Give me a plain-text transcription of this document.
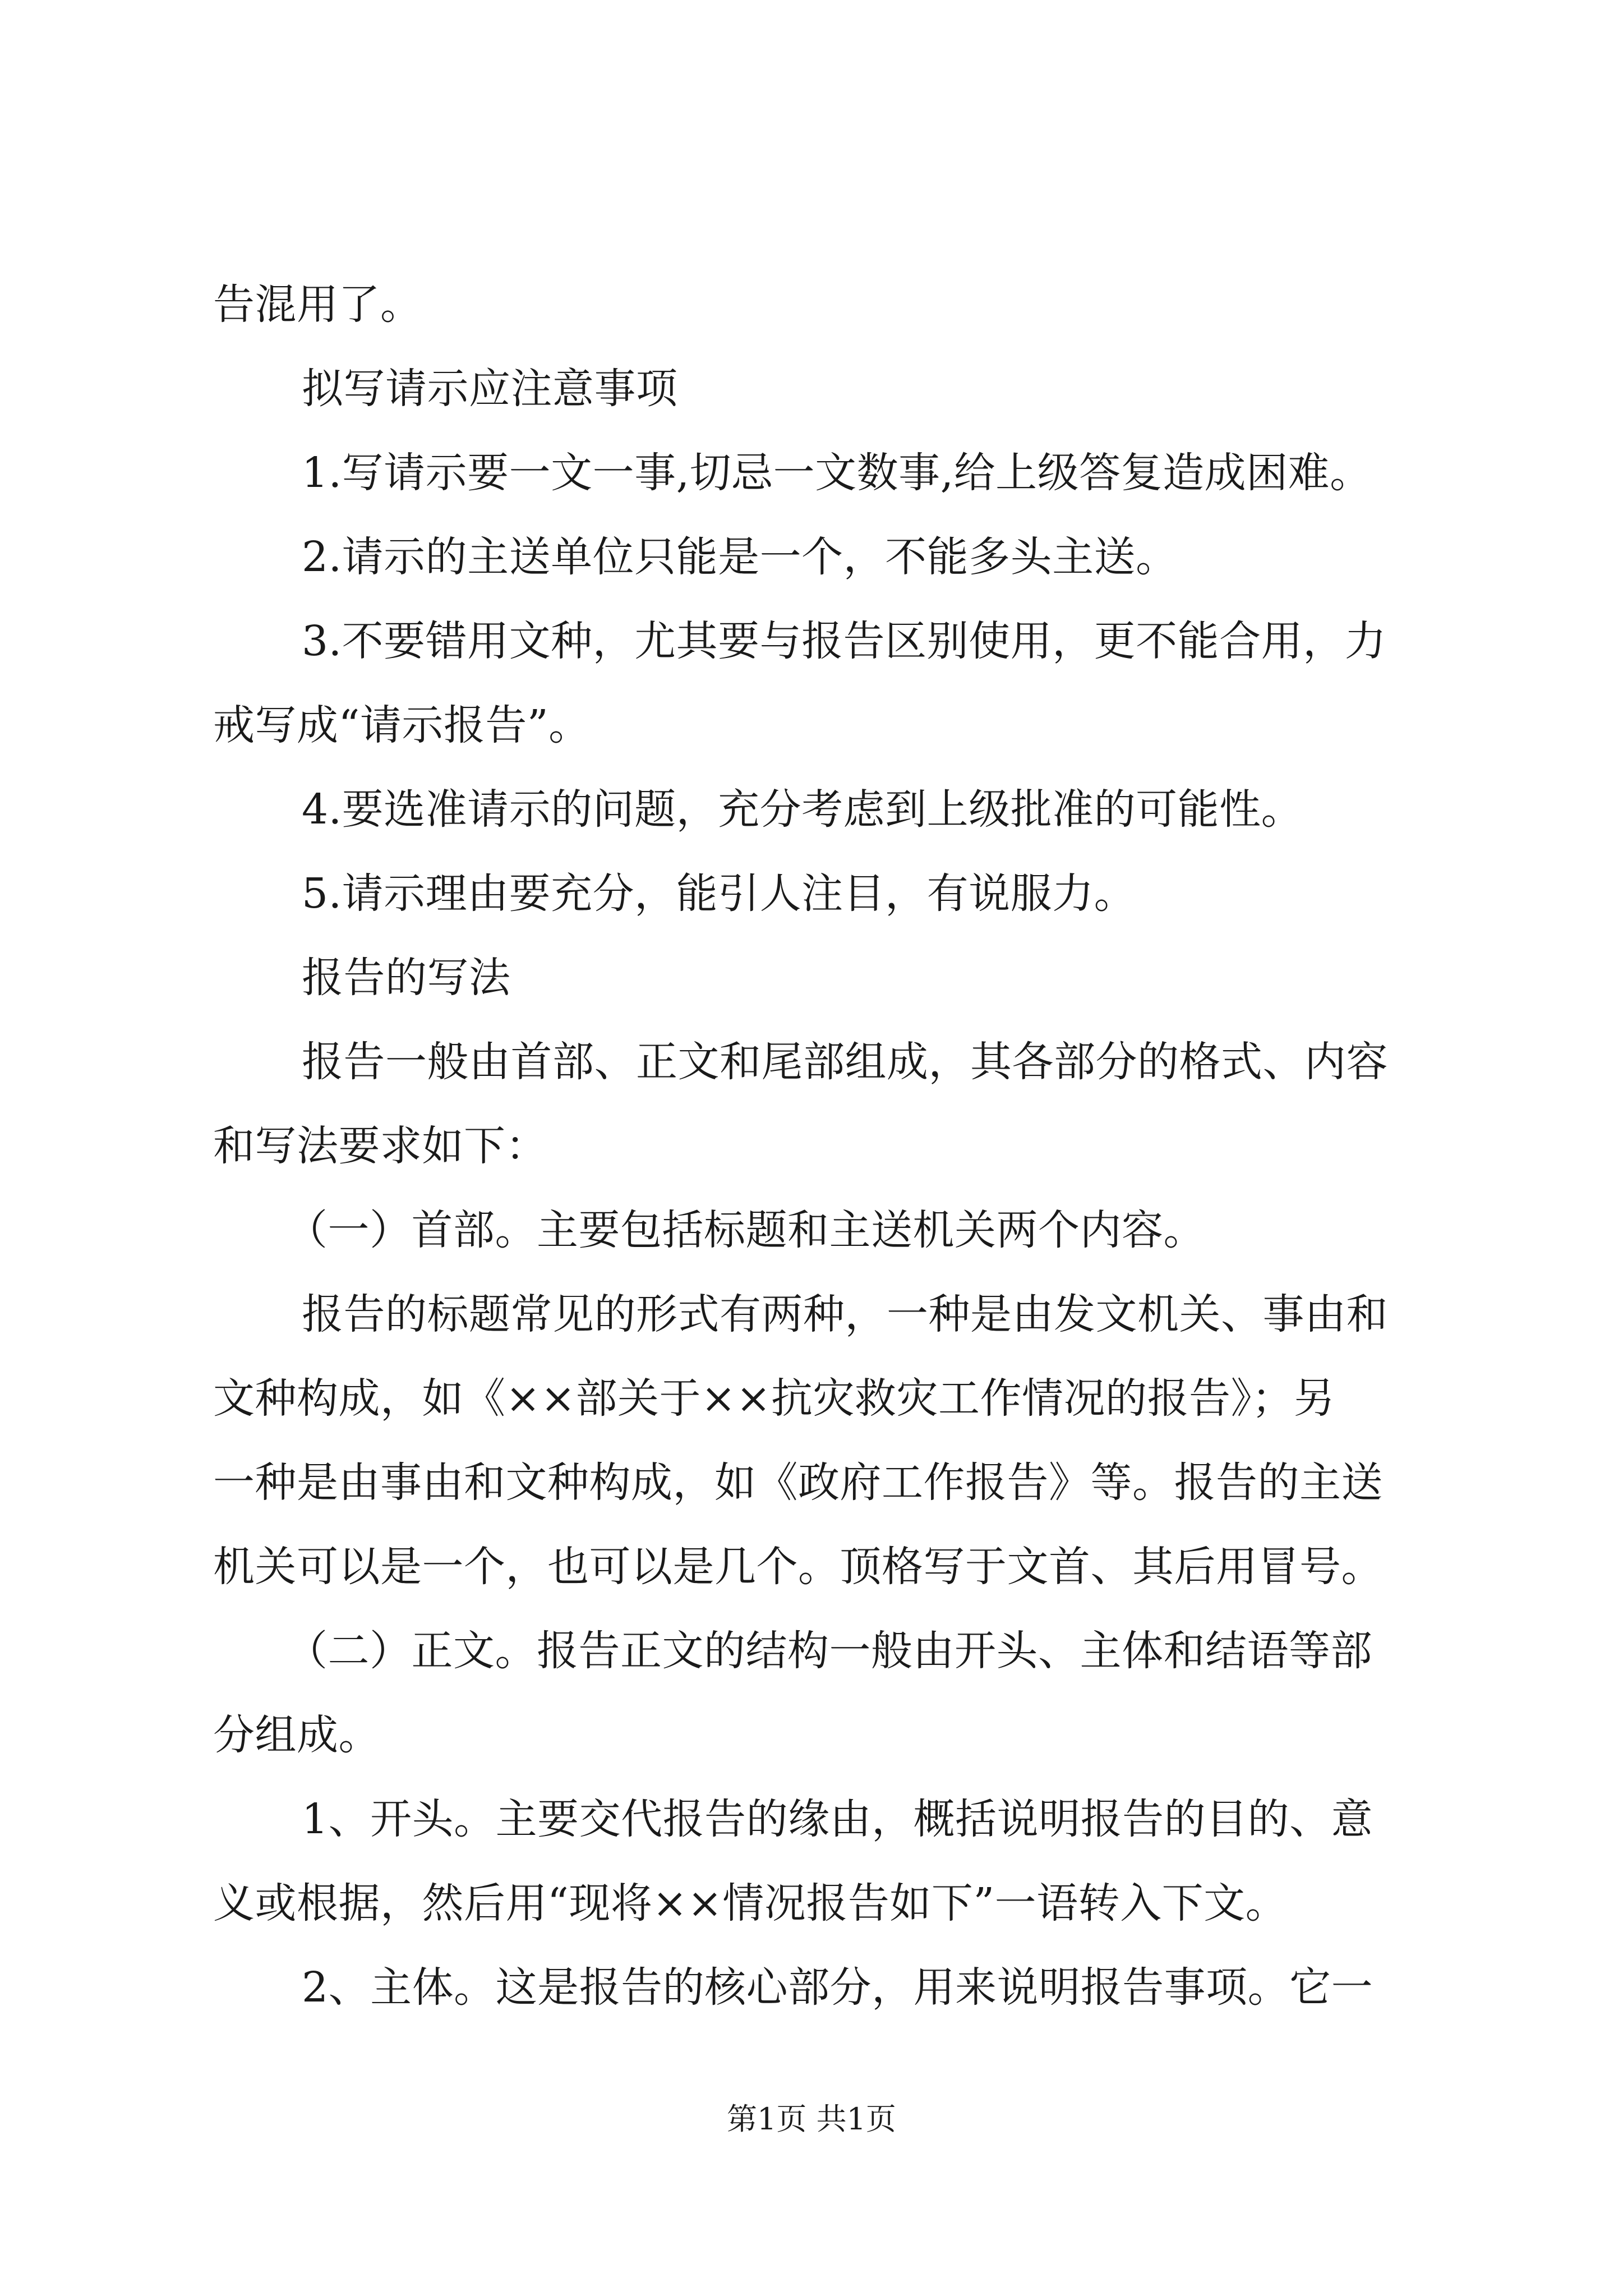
告混用了。
拟写请示应注意事项
1.写请示要一文一事,切忌一文数事,给上级答复造成困难。
2.请示的主送单位只能是一个，不能多头主送。
3.不要错用文种，尤其要与报告区别使用，更不能合用，力
戒写成“请示报告”。
4.要选准请示的问题，充分考虑到上级批准的可能性。
5.请示理由要充分，能引人注目，有说服力。
报告的写法
报告一般由首部、正文和尾部组成，其各部分的格式、内容
和写法要求如下：
（一）首部。主要包括标题和主送机关两个内容。
报告的标题常见的形式有两种，一种是由发文机关、事由和
文种构成，如《××部关于××抗灾救灾工作情况的报告》；另
一种是由事由和文种构成，如《政府工作报告》等。报告的主送
机关可以是一个，也可以是几个。顶格写于文首、其后用冒号。
（二）正文。报告正文的结构一般由开头、主体和结语等部
分组成。
1、开头。主要交代报告的缘由，概括说明报告的目的、意
义或根据，然后用“现将××情况报告如下”一语转入下文。
2、主体。这是报告的核心部分，用来说明报告事项。它一
第1页 共1页
